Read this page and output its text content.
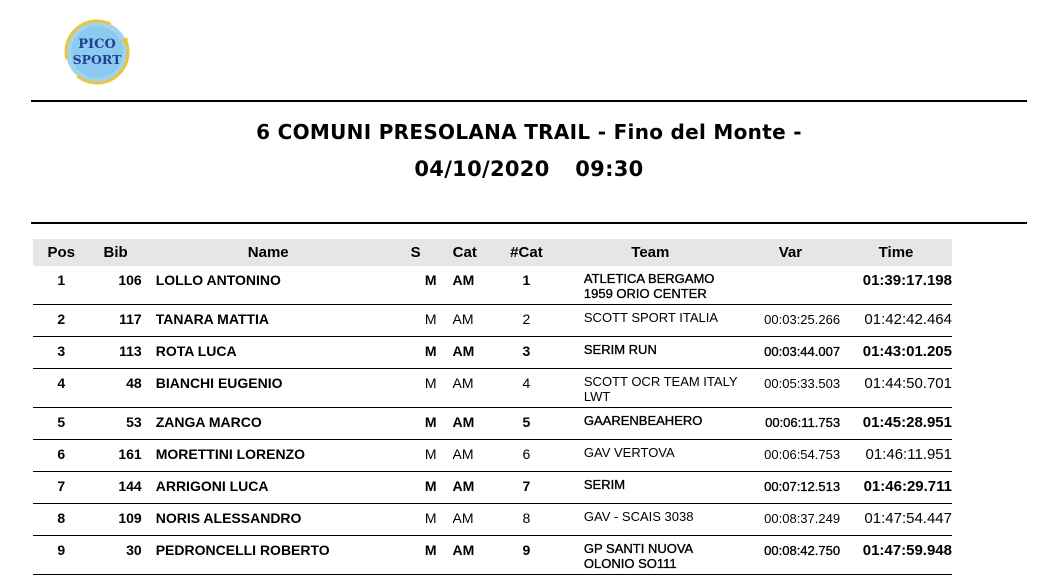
PICO
SPORT
6 COMUNI PRESOLANA TRAIL - Fino del Monte -
04/10/2020 09:30
Pos	Bib	Name	S	Cat	#Cat	Team	Var	Time

1	106	LOLLO ANTONINO	M	AM	1	ATLETICA BERGAMO 1959 ORIO CENTER		01:39:17.198

2	117	TANARA MATTIA	M	AM	2	SCOTT SPORT ITALIA	00:03:25.266	01:42:42.464

3	113	ROTA LUCA	M	AM	3	SERIM RUN	00:03:44.007	01:43:01.205

4	48	BIANCHI EUGENIO	M	AM	4	SCOTT OCR TEAM ITALY LWT	00:05:33.503	01:44:50.701

5	53	ZANGA MARCO	M	AM	5	GAARENBEAHERO	00:06:11.753	01:45:28.951

6	161	MORETTINI LORENZO	M	AM	6	GAV VERTOVA	00:06:54.753	01:46:11.951

7	144	ARRIGONI LUCA	M	AM	7	SERIM	00:07:12.513	01:46:29.711

8	109	NORIS ALESSANDRO	M	AM	8	GAV - SCAIS 3038	00:08:37.249	01:47:54.447

9	30	PEDRONCELLI ROBERTO	M	AM	9	GP SANTI NUOVA OLONIO SO111	00:08:42.750	01:47:59.948
